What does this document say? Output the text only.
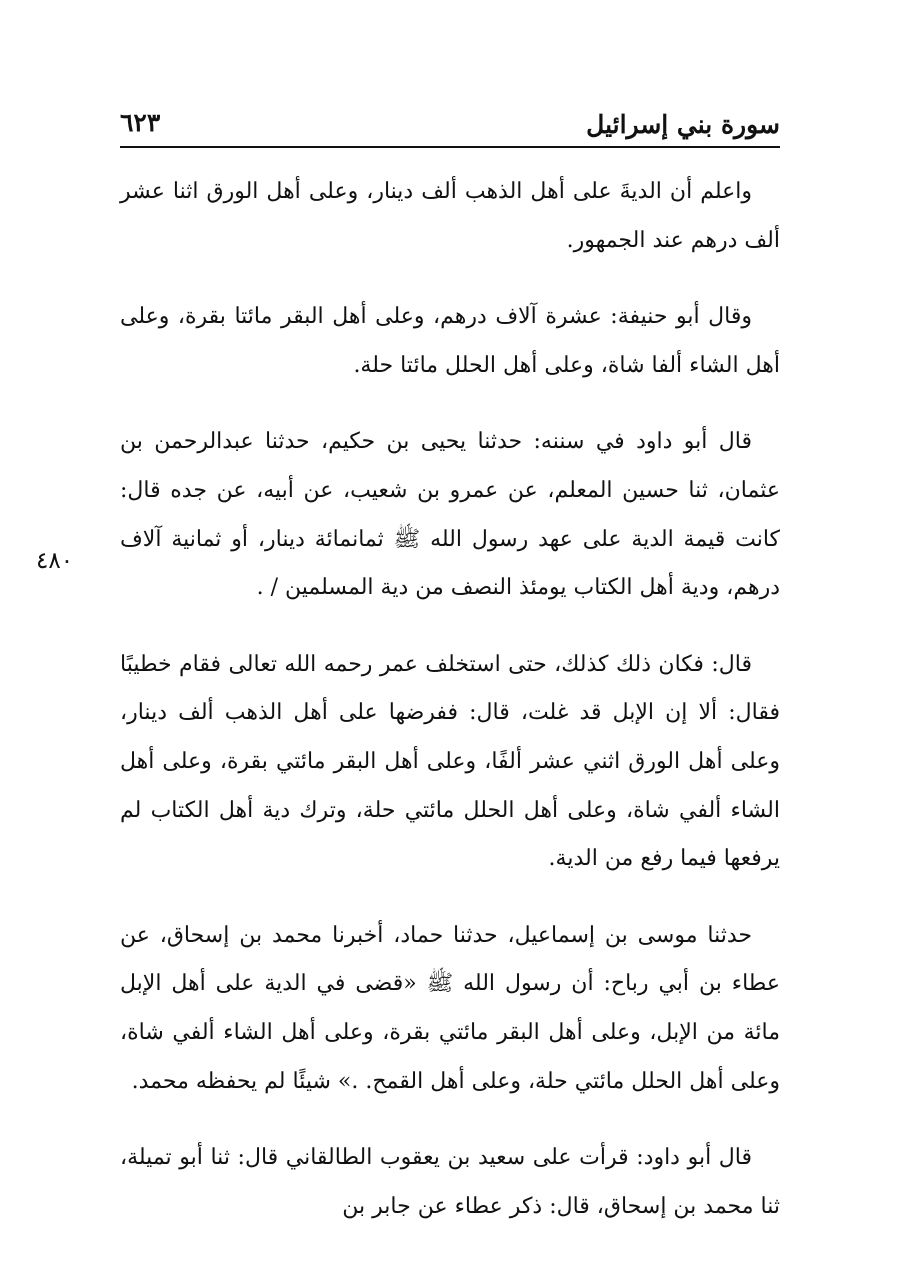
سورة بني إسرائيل
٦٢٣
٤٨٠

واعلم أن الديةَ على أهل الذهب ألف دينار، وعلى أهل الورق اثنا عشر ألف درهم عند الجمهور.

وقال أبو حنيفة: عشرة آلاف درهم، وعلى أهل البقر مائتا بقرة، وعلى أهل الشاء ألفا شاة، وعلى أهل الحلل مائتا حلة.

قال أبو داود في سننه: حدثنا يحيى بن حكيم، حدثنا عبدالرحمن بن عثمان، ثنا حسين المعلم، عن عمرو بن شعيب، عن أبيه، عن جده قال: كانت قيمة الدية على عهد رسول الله ﷺ ثمانمائة دينار، أو ثمانية آلاف درهم، ودية أهل الكتاب يومئذ النصف من دية المسلمين / .

قال: فكان ذلك كذلك، حتى استخلف عمر رحمه الله تعالى فقام خطيبًا فقال: ألا إن الإبل قد غلت، قال: ففرضها على أهل الذهب ألف دينار، وعلى أهل الورق اثني عشر ألفًا، وعلى أهل البقر مائتي بقرة، وعلى أهل الشاء ألفي شاة، وعلى أهل الحلل مائتي حلة، وترك دية أهل الكتاب لم يرفعها فيما رفع من الدية.

حدثنا موسى بن إسماعيل، حدثنا حماد، أخبرنا محمد بن إسحاق، عن عطاء بن أبي رباح: أن رسول الله ﷺ «قضى في الدية على أهل الإبل مائة من الإبل، وعلى أهل البقر مائتي بقرة، وعلى أهل الشاء ألفي شاة، وعلى أهل الحلل مائتي حلة، وعلى أهل القمح. .» شيئًا لم يحفظه محمد.

قال أبو داود: قرأت على سعيد بن يعقوب الطالقاني قال: ثنا أبو تميلة، ثنا محمد بن إسحاق، قال: ذكر عطاء عن جابر بن
